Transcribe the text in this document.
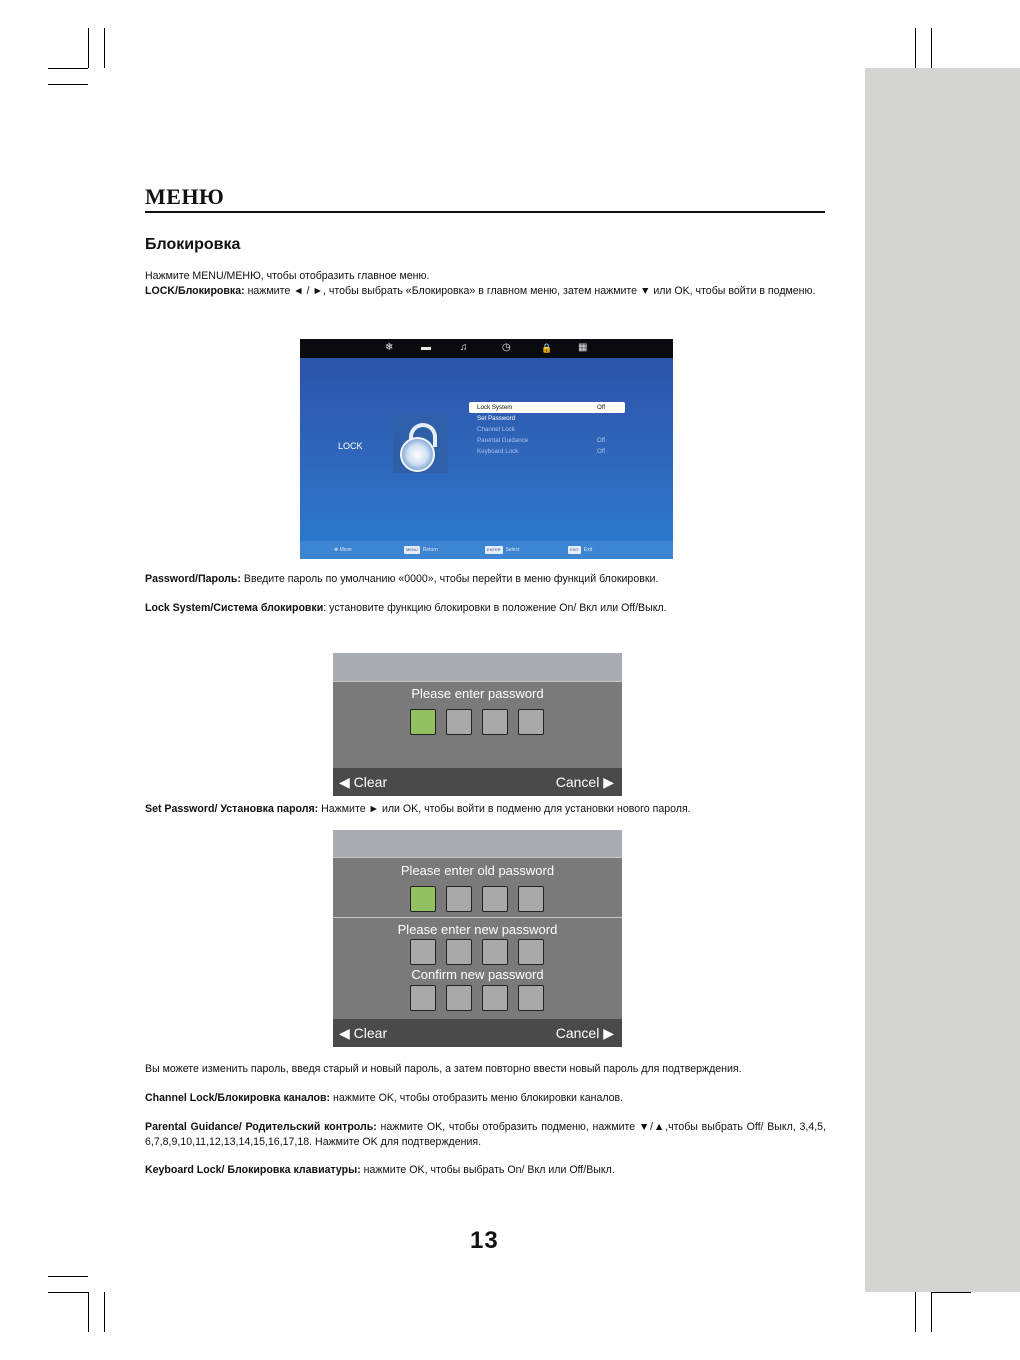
МЕНЮ
Блокировка
Нажмите MENU/МЕНЮ, чтобы отобразить главное меню.
LOCK/Блокировка: нажмите ◄ / ►, чтобы выбрать «Блокировка» в главном меню, затем нажмите ▼ или OK, чтобы войти в подменю.
❄	▬	♫	◷	🔒	▦
LOCK
Lock System	Off
Set Password
Channel Lock
Parental Guidance	Off
Keyboard Lock	Off
✥ Move	MENU Return	ENTER Select	EXIT Exit
Password/Пароль: Введите пароль по умолчанию «0000», чтобы перейти в меню функций блокировки.
Lock System/Система блокировки: установите функцию блокировки в положение On/ Вкл или Off/Выкл.
Please enter password
◀ Clear	Cancel ▶
Set Password/ Установка пароля: Нажмите ► или OK, чтобы войти в подменю для установки нового пароля.
Please enter old password
Please enter new password
Confirm new password
◀ Clear	Cancel ▶
Вы можете изменить пароль, введя старый и новый пароль, а затем повторно ввести новый пароль для подтверждения.
Channel Lock/Блокировка каналов: нажмите OK, чтобы отобразить меню блокировки каналов.
Parental Guidance/ Родительский контроль: нажмите OK, чтобы отобразить подменю, нажмите ▼/▲,чтобы выбрать Off/ Выкл, 3,4,5, 6,7,8,9,10,11,12,13,14,15,16,17,18. Нажмите OK для подтверждения.
Keyboard Lock/ Блокировка клавиатуры: нажмите OK, чтобы выбрать On/ Вкл или Off/Выкл.
13
